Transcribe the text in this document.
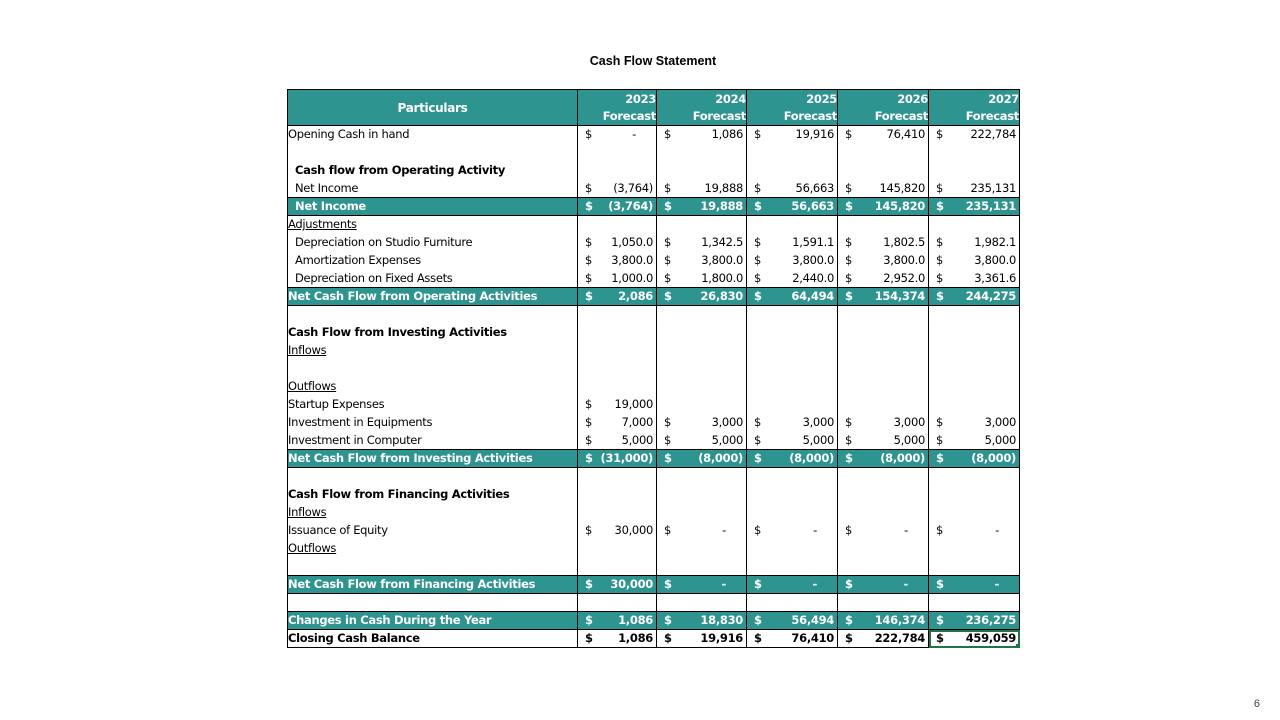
Cash Flow Statement
Particulars	2023	2024	2025	2026	2027
	Forecast	Forecast	Forecast	Forecast	Forecast
Opening Cash in hand	$ -	$ 1,086	$ 19,916	$ 76,410	$ 222,784

Cash flow from Operating Activity					
Net Income	$ (3,764)	$ 19,888	$ 56,663	$ 145,820	$ 235,131

Net Income	$ (3,764)	$ 19,888	$ 56,663	$ 145,820	$ 235,131

Adjustments					
Depreciation on Studio Furniture	$ 1,050.0	$ 1,342.5	$ 1,591.1	$ 1,802.5	$ 1,982.1

Amortization Expenses	$ 3,800.0	$ 3,800.0	$ 3,800.0	$ 3,800.0	$ 3,800.0

Depreciation on Fixed Assets	$ 1,000.0	$ 1,800.0	$ 2,440.0	$ 2,952.0	$ 3,361.6

Net Cash Flow from Operating Activities	$ 2,086	$ 26,830	$ 64,494	$ 154,374	$ 244,275

Cash Flow from Investing Activities					
Inflows					

Outflows					
Startup Expenses	$ 19,000				

Investment in Equipments	$ 7,000	$ 3,000	$ 3,000	$ 3,000	$ 3,000

Investment in Computer	$ 5,000	$ 5,000	$ 5,000	$ 5,000	$ 5,000

Net Cash Flow from Investing Activities	$ (31,000)	$ (8,000)	$ (8,000)	$ (8,000)	$ (8,000)

Cash Flow from Financing Activities					
Inflows					
Issuance of Equity	$ 30,000	$ -	$ -	$ -	$ -

Outflows					

Net Cash Flow from Financing Activities	$ 30,000	$ -	$ -	$ -	$ -

Changes in Cash During the Year	$ 1,086	$ 18,830	$ 56,494	$ 146,374	$ 236,275

Closing Cash Balance	$ 1,086	$ 19,916	$ 76,410	$ 222,784	$ 459,059
6
